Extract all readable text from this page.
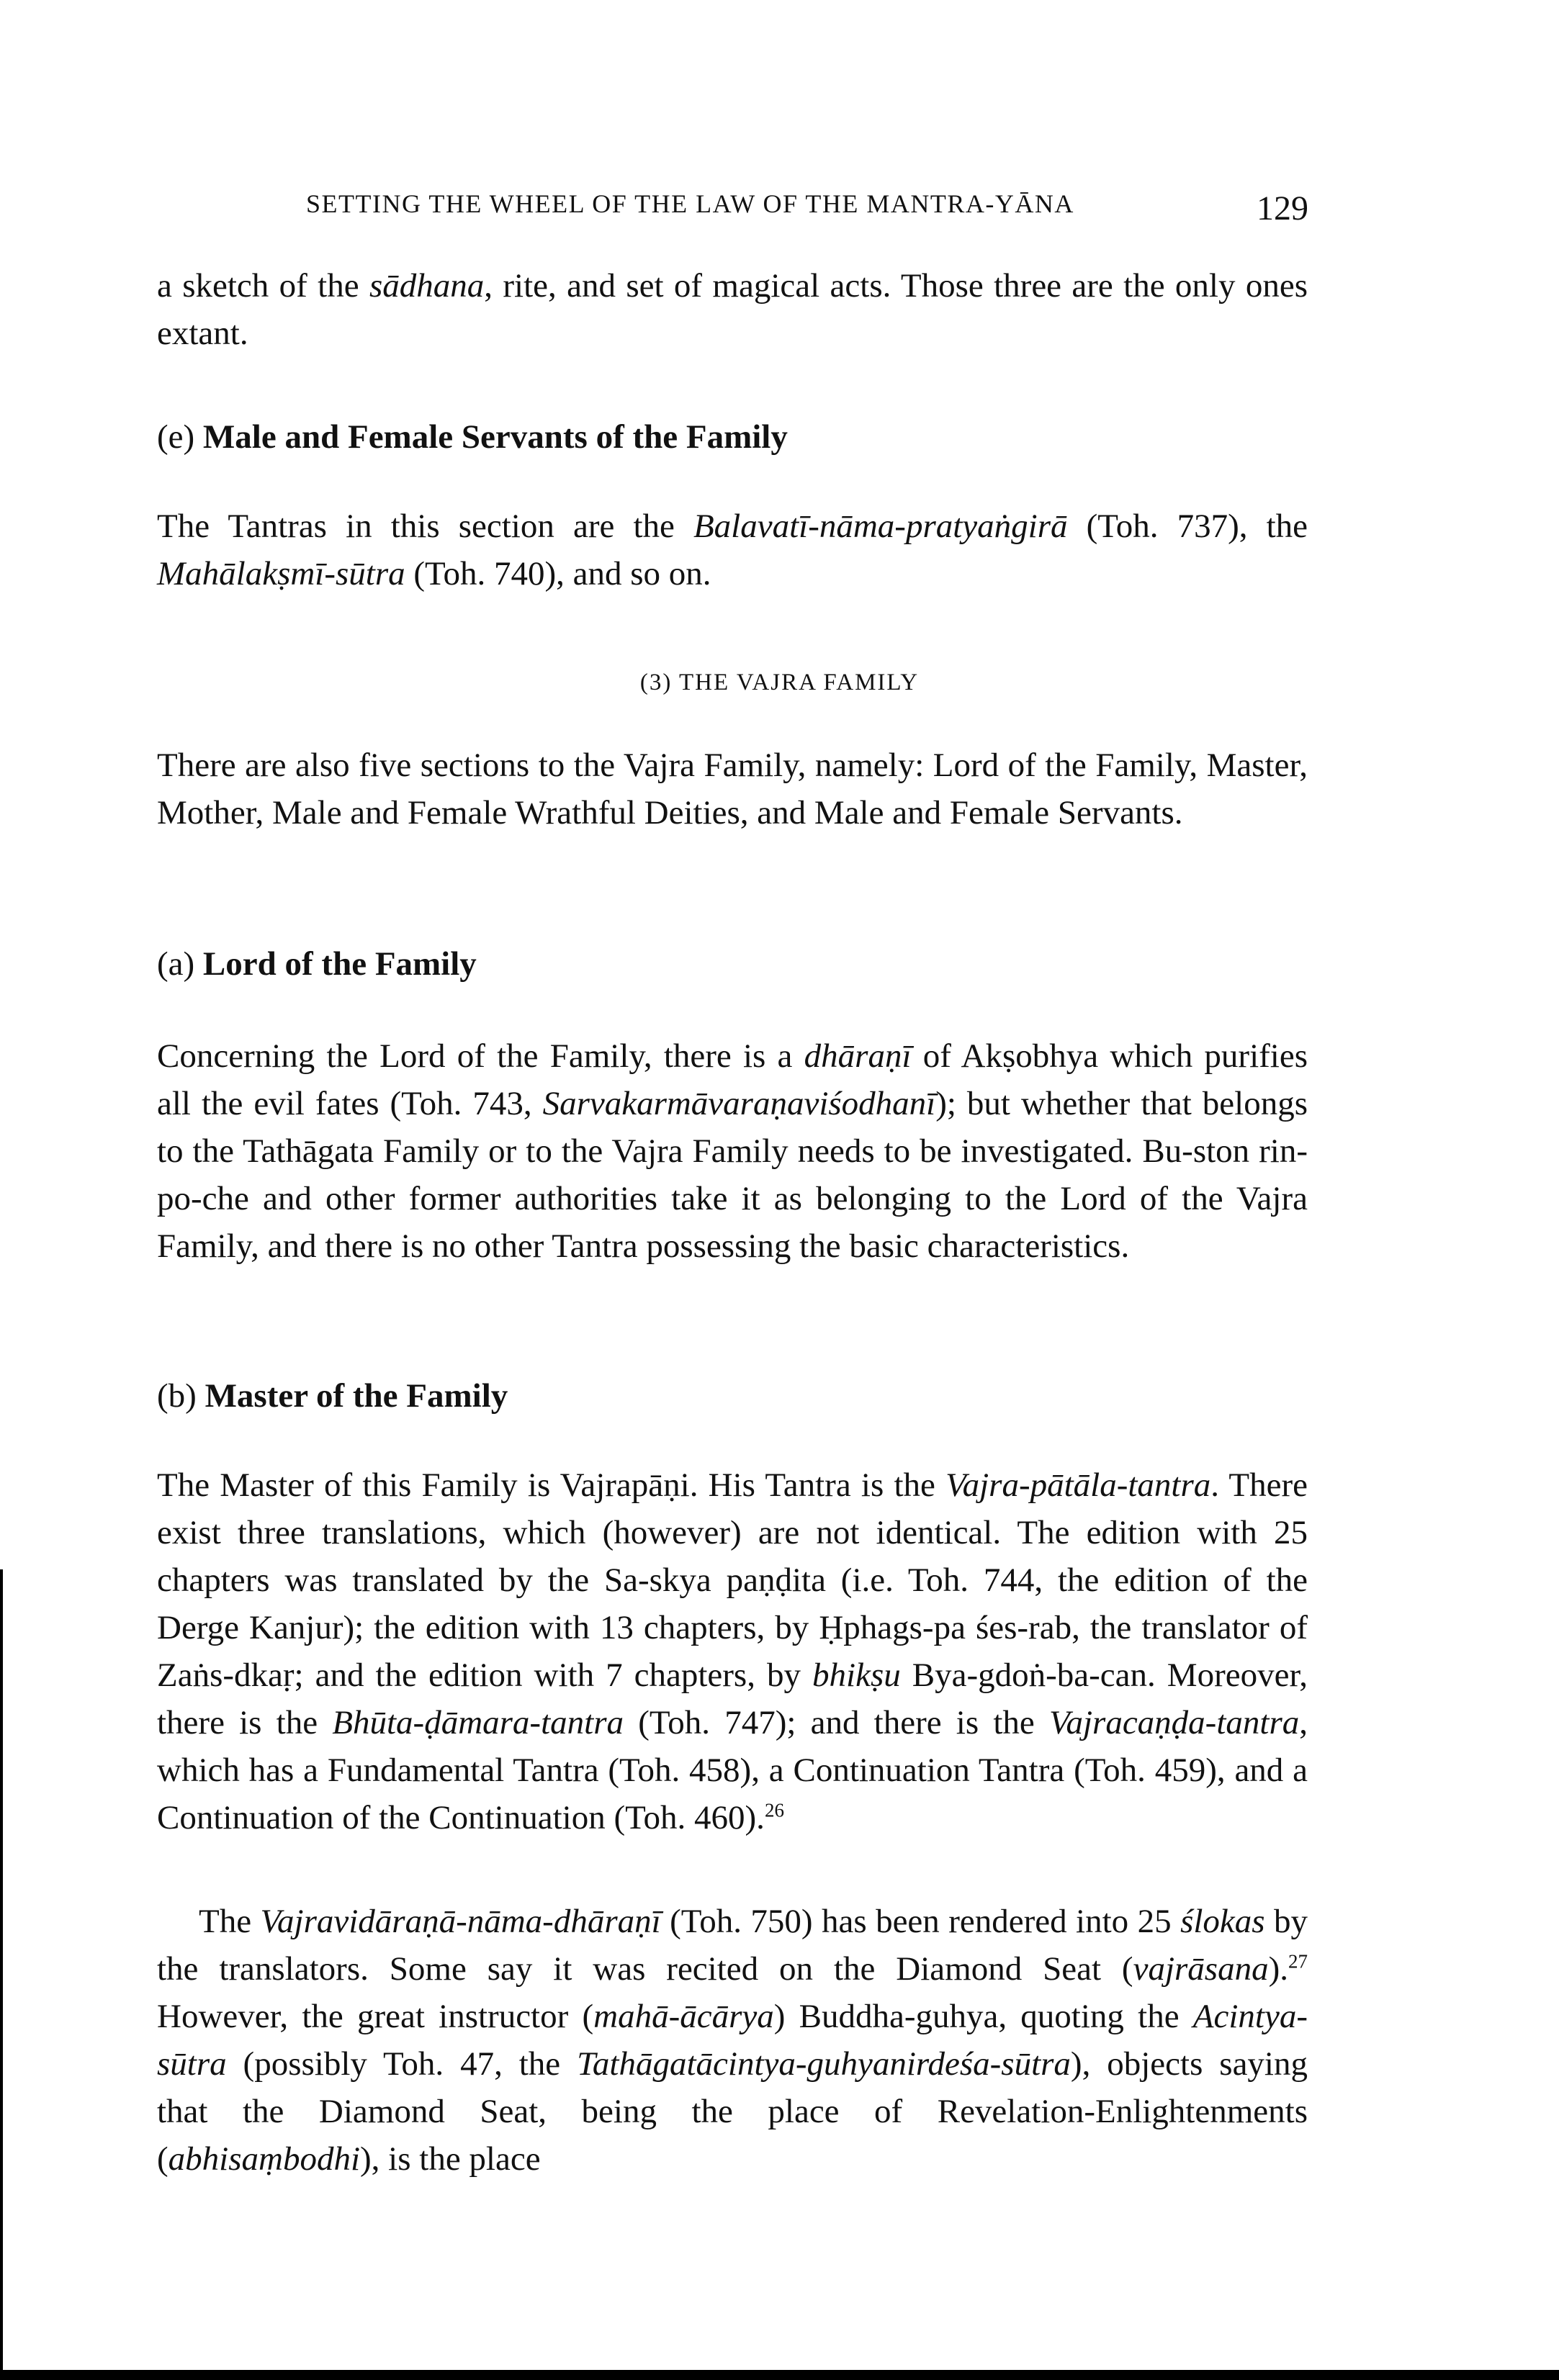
SETTING THE WHEEL OF THE LAW OF THE MANTRA-YĀNA	129
a sketch of the sādhana, rite, and set of magical acts. Those three are the only ones extant.
(e) Male and Female Servants of the Family
The Tantras in this section are the Balavatī-nāma-pratyaṅgirā (Toh. 737), the Mahālakṣmī-sūtra (Toh. 740), and so on.
(3) THE VAJRA FAMILY
There are also five sections to the Vajra Family, namely: Lord of the Family, Master, Mother, Male and Female Wrathful Deities, and Male and Female Servants.
(a) Lord of the Family
Concerning the Lord of the Family, there is a dhāraṇī of Akṣobhya which purifies all the evil fates (Toh. 743, Sarvakarmāvaraṇaviśodhanī); but whether that belongs to the Tathāgata Family or to the Vajra Family needs to be investigated. Bu-ston rin-po-che and other former authorities take it as belonging to the Lord of the Vajra Family, and there is no other Tantra possessing the basic characteristics.
(b) Master of the Family
The Master of this Family is Vajrapāṇi. His Tantra is the Vajra-pātāla-tantra. There exist three translations, which (however) are not identical. The edition with 25 chapters was translated by the Sa-skya paṇḍita (i.e. Toh. 744, the edition of the Derge Kanjur); the edition with 13 chapters, by Ḥphags-pa śes-rab, the translator of Zaṅs-dkaṛ; and the edition with 7 chapters, by bhikṣu Bya-gdoṅ-ba-can. Moreover, there is the Bhūta-ḍāmara-tantra (Toh. 747); and there is the Vajracaṇḍa-tantra, which has a Fundamental Tantra (Toh. 458), a Continuation Tantra (Toh. 459), and a Continuation of the Continuation (Toh. 460).$^{26}$
The Vajravidāraṇā-nāma-dhāraṇī (Toh. 750) has been rendered into 25 ślokas by the translators. Some say it was recited on the Diamond Seat (vajrāsana).$^{27}$ However, the great instructor (mahā-ācārya) Buddha-guhya, quoting the Acintya-sūtra (possibly Toh. 47, the Tathāgatācintya-guhyanirdeśa-sūtra), objects saying that the Diamond Seat, being the place of Revelation-Enlightenments (abhisaṃbodhi), is the place
